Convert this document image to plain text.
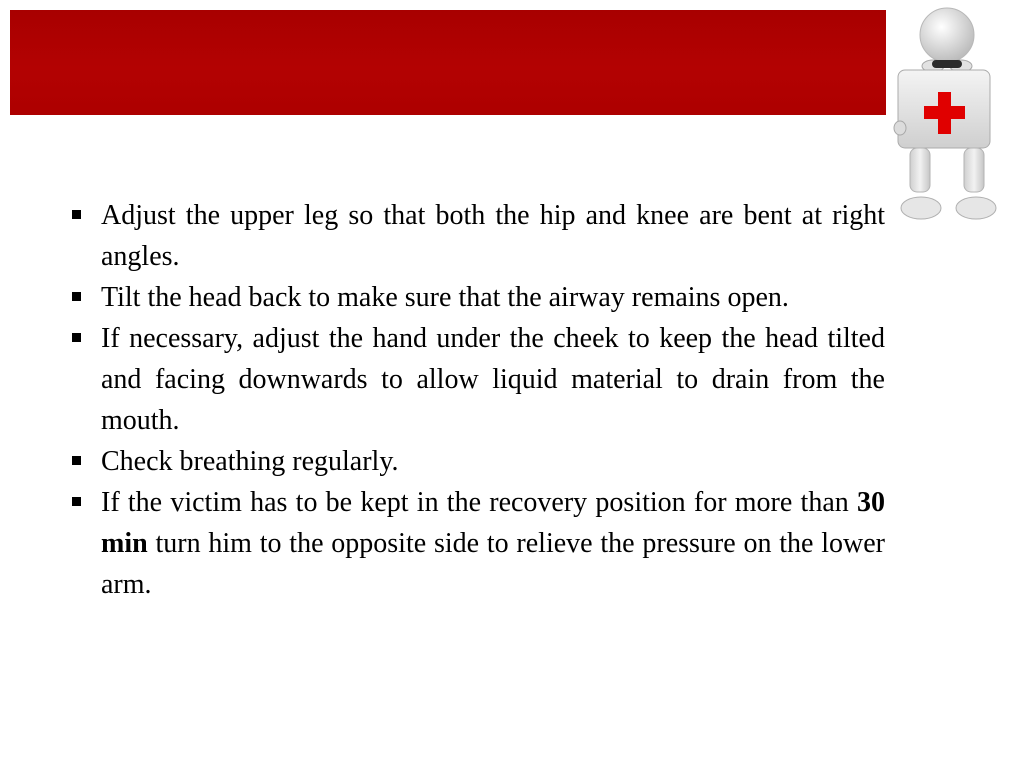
Adjust the upper leg so that both the hip and knee are bent at right angles.
Tilt the head back to make sure that the airway remains open.
If necessary, adjust the hand under the cheek to keep the head tilted and facing downwards to allow liquid material to drain from the mouth.
Check breathing regularly.
If the victim has to be kept in the recovery position for more than 30 min turn him to the opposite side to relieve the pressure on the lower arm.
